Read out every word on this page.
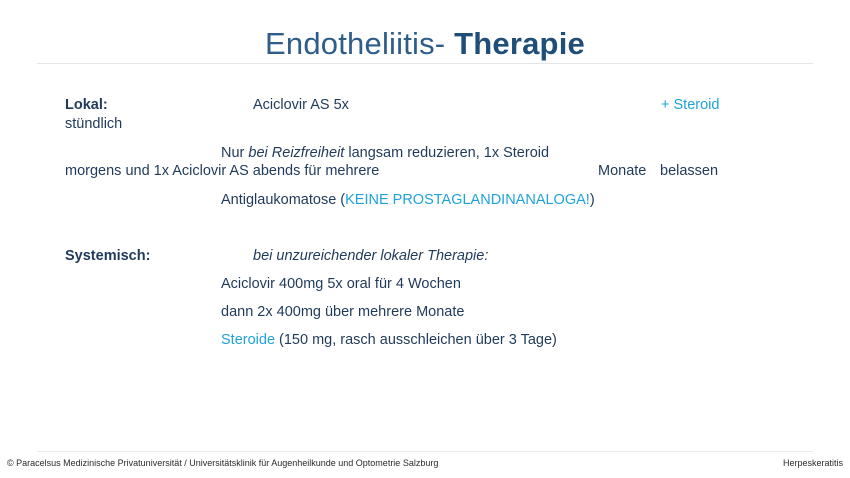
Endotheliitis- Therapie
Lokal:	Aciclovir AS 5x	+ Steroid
stündlich
Nur bei Reizfreiheit langsam reduzieren, 1x Steroid
morgens und 1x Aciclovir AS abends für mehrere	Monate belassen
Antiglaukomatose (KEINE PROSTAGLANDINANALOGA!)
Systemisch:	bei unzureichender lokaler Therapie:
Aciclovir 400mg 5x oral für 4 Wochen
dann 2x 400mg über mehrere Monate
Steroide (150 mg, rasch ausschleichen über 3 Tage)
© Paracelsus Medizinische Privatuniversität / Universitätsklinik für Augenheilkunde und Optometrie Salzburg	Herpeskeratitis
